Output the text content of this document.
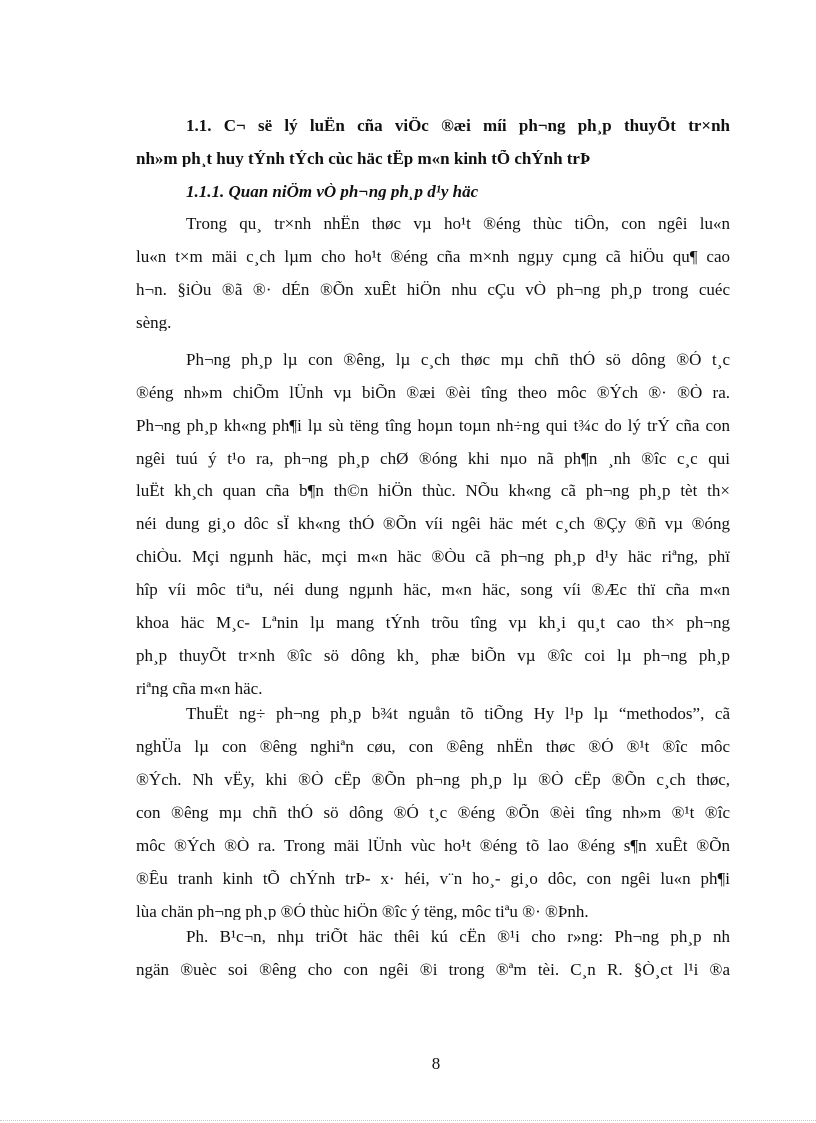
1.1. C¬ së lý luËn cña viÖc ®æi míi ph¬ng ph¸p thuyÕt tr×nh
nh»m ph¸t huy tÝnh tÝch cùc häc tËp m«n kinh tÕ chÝnh trÞ
1.1.1. Quan niÖm vÒ ph¬ng ph¸p d¹y häc
Trong qu¸ tr×nh nhËn thøc vµ ho¹t ®éng thùc tiÔn, con ngêi lu«n
lu«n t×m mäi c¸ch lµm cho ho¹t ®éng cña m×nh ngµy cµng cã hiÖu qu¶ cao
h¬n. §iÒu ®ã ®· dÉn ®Õn xuÊt hiÖn nhu cÇu vÒ ph¬ng ph¸p trong cuéc
sèng.
Ph¬ng ph¸p lµ con ®êng, lµ c¸ch thøc mµ chñ thÓ sö dông ®Ó t¸c
®éng nh»m chiÕm lÜnh vµ biÕn ®æi ®èi tîng theo môc ®Ých ®· ®Ò ra.
Ph¬ng ph¸p kh«ng ph¶i lµ sù tëng tîng hoµn toµn nh÷ng qui t¾c do lý trÝ cña con
ngêi tuú ý t¹o ra, ph¬ng ph¸p chØ ®óng khi nµo nã ph¶n ¸nh ®îc c¸c qui
luËt kh¸ch quan cña b¶n th©n hiÖn thùc. NÕu kh«ng cã ph¬ng ph¸p tèt th×
néi dung gi¸o dôc sÏ kh«ng thÓ ®Õn víi ngêi häc mét c¸ch ®Çy ®ñ vµ ®óng
chiÒu. Mçi ngµnh häc, mçi m«n häc ®Òu cã ph¬ng ph¸p d¹y häc riªng, phï
hîp víi môc tiªu, néi dung ngµnh häc, m«n häc, song víi ®Æc thï cña m«n
khoa häc M¸c- Lªnin lµ mang tÝnh trõu tîng vµ kh¸i qu¸t cao th× ph¬ng
ph¸p thuyÕt tr×nh ®îc sö dông kh¸ phæ biÕn vµ ®îc coi lµ ph¬ng ph¸p
riªng cña m«n häc.
ThuËt ng÷ ph¬ng ph¸p b¾t nguån tõ tiÕng Hy l¹p lµ “methodos”, cã
nghÜa lµ con ®êng nghiªn cøu, con ®êng nhËn thøc ®Ó ®¹t ®îc môc
®Ých. Nh vËy, khi ®Ò cËp ®Õn ph¬ng ph¸p lµ ®Ò cËp ®Õn c¸ch thøc,
con ®êng mµ chñ thÓ sö dông ®Ó t¸c ®éng ®Õn ®èi tîng nh»m ®¹t ®îc
môc ®Ých ®Ò ra. Trong mäi lÜnh vùc ho¹t ®éng tõ lao ®éng s¶n xuÊt ®Õn
®Êu tranh kinh tÕ chÝnh trÞ- x· héi, v¨n ho¸- gi¸o dôc, con ngêi lu«n ph¶i
lùa chän ph¬ng ph¸p ®Ó thùc hiÖn ®îc ý tëng, môc tiªu ®· ®Þnh.
Ph. B¹c¬n, nhµ triÕt häc thêi kú cËn ®¹i cho r»ng: Ph¬ng ph¸p nh
ngän ®uèc soi ®êng cho con ngêi ®i trong ®ªm tèi. C¸n R. §Ò¸ct l¹i ®a
8
